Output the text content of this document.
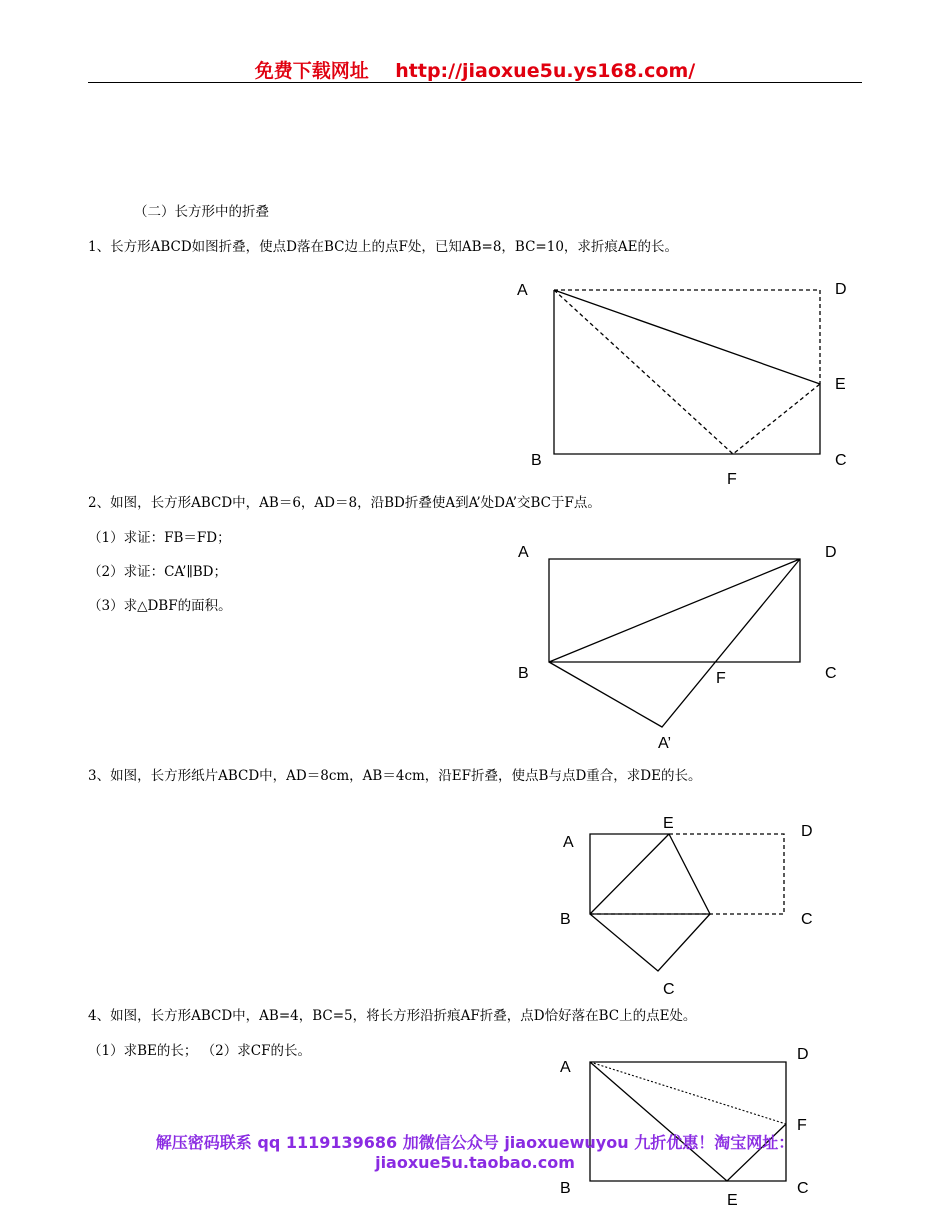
免费下载网址    http://jiaoxue5u.ys168.com/
（二）长方形中的折叠
1、长方形ABCD如图折叠，使点D落在BC边上的点F处，已知AB=8，BC=10，求折痕AE的长。
2、如图，长方形ABCD中，AB＝6，AD＝8，沿BD折叠使A到A’处DA’交BC于F点。
（1）求证：FB＝FD；
（2）求证：CA’∥BD；
（3）求△DBF的面积。
3、如图，长方形纸片ABCD中，AD＝8cm，AB＝4cm，沿EF折叠，使点B与点D重合，求DE的长。
4、如图，长方形ABCD中，AB=4，BC=5，将长方形沿折痕AF折叠，点D恰好落在BC上的点E处。
（1）求BE的长； （2）求CF的长。
A	D
E
B	C
F
A	D
B	C
F
A’
A
E	D
B	C
C
A
D
F
B
E
C
解压密码联系 qq 1119139686 加微信公众号 jiaoxuewuyou 九折优惠！淘宝网址：
jiaoxue5u.taobao.com
